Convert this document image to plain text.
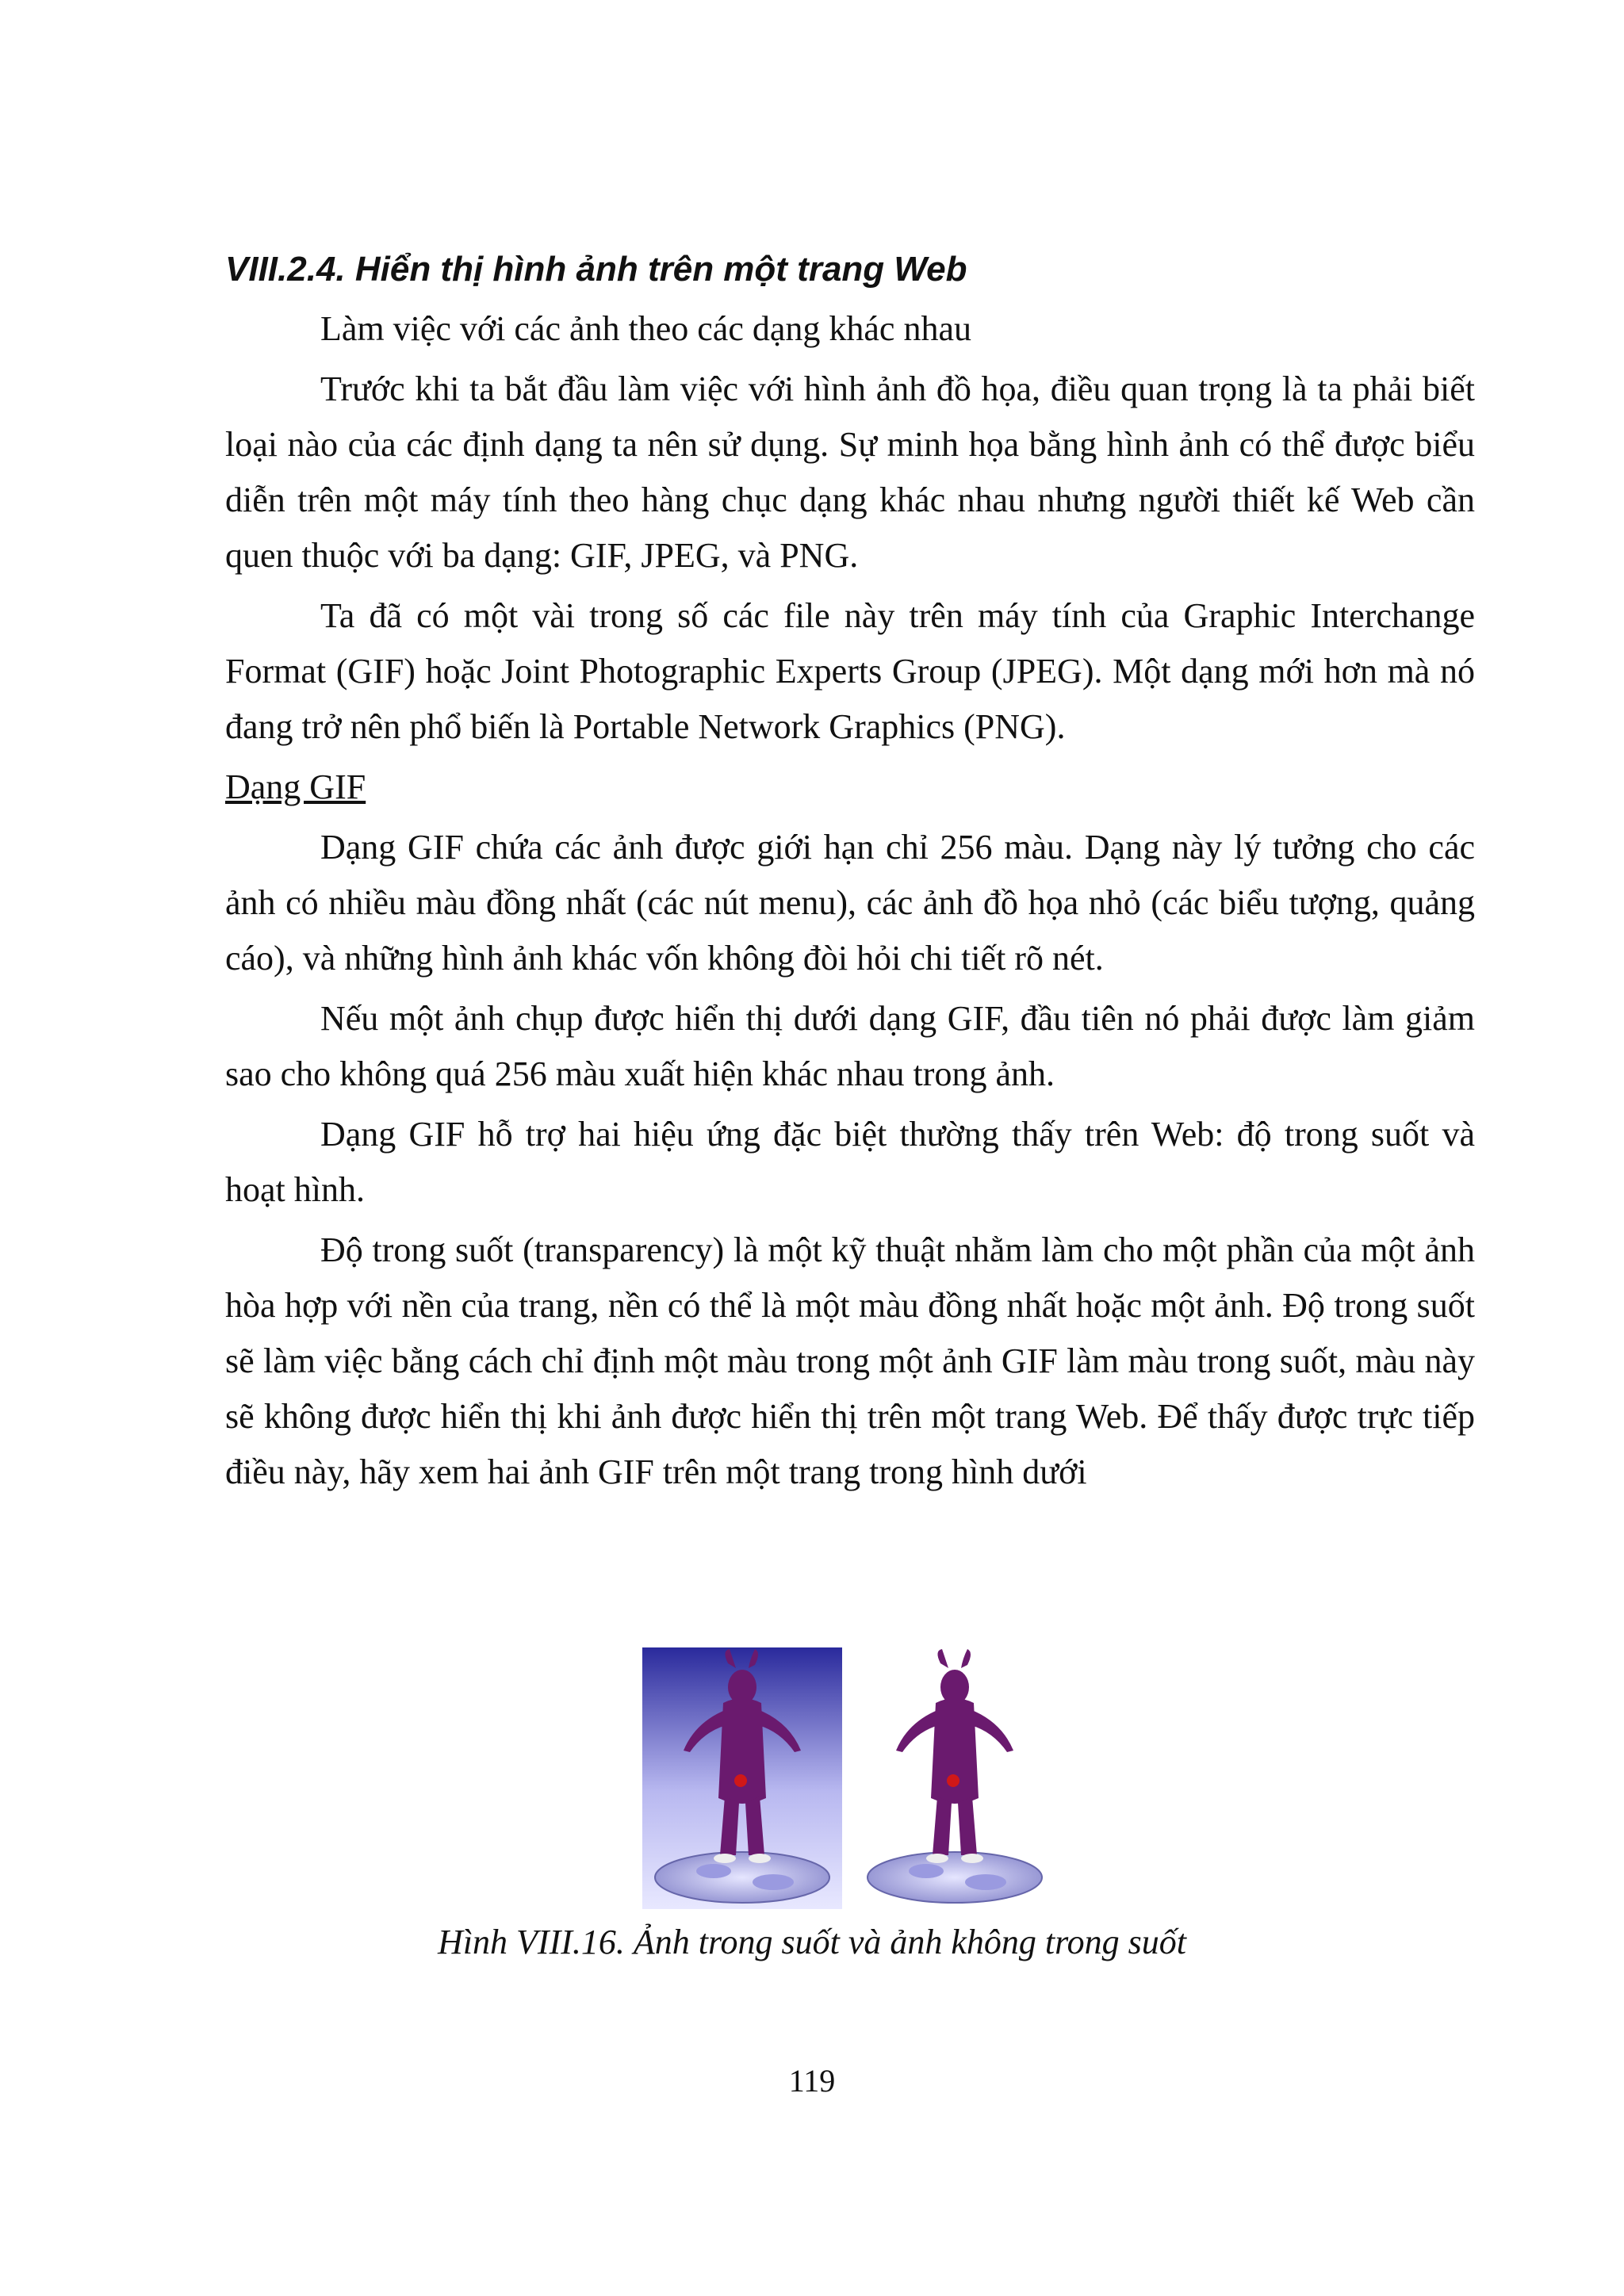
VIII.2.4. Hiển thị hình ảnh trên một trang Web

Làm việc với các ảnh theo các dạng khác nhau

Trước khi ta bắt đầu làm việc với hình ảnh đồ họa, điều quan trọng là ta phải biết loại nào của các định dạng ta nên sử dụng. Sự minh họa bằng hình ảnh có thể được biểu diễn trên một máy tính theo hàng chục dạng khác nhau nhưng người thiết kế Web cần quen thuộc với ba dạng: GIF, JPEG, và PNG.

Ta đã có một vài trong số các file này trên máy tính của Graphic Interchange Format (GIF) hoặc Joint Photographic Experts Group (JPEG). Một dạng mới hơn mà nó đang trở nên phổ biến là Portable Network Graphics (PNG).

Dạng GIF

Dạng GIF chứa các ảnh được giới hạn chỉ 256 màu. Dạng này lý tưởng cho các ảnh có nhiều màu đồng nhất (các nút menu), các ảnh đồ họa nhỏ (các biểu tượng, quảng cáo), và những hình ảnh khác vốn không đòi hỏi chi tiết rõ nét.

Nếu một ảnh chụp được hiển thị dưới dạng GIF, đầu tiên nó phải được làm giảm sao cho không quá 256 màu xuất hiện khác nhau trong ảnh.

Dạng GIF hỗ trợ hai hiệu ứng đặc biệt thường thấy trên Web: độ trong suốt và hoạt hình.

Độ trong suốt (transparency) là một kỹ thuật nhằm làm cho một phần của một ảnh hòa hợp với nền của trang, nền có thể là một màu đồng nhất hoặc một ảnh. Độ trong suốt sẽ làm việc bằng cách chỉ định một màu trong một ảnh GIF làm màu trong suốt, màu này sẽ không được hiển thị khi ảnh được hiển thị trên một trang Web. Để thấy được trực tiếp điều này, hãy xem hai ảnh GIF trên một trang trong hình dưới

Hình VIII.16. Ảnh trong suốt và ảnh không trong suốt
119
